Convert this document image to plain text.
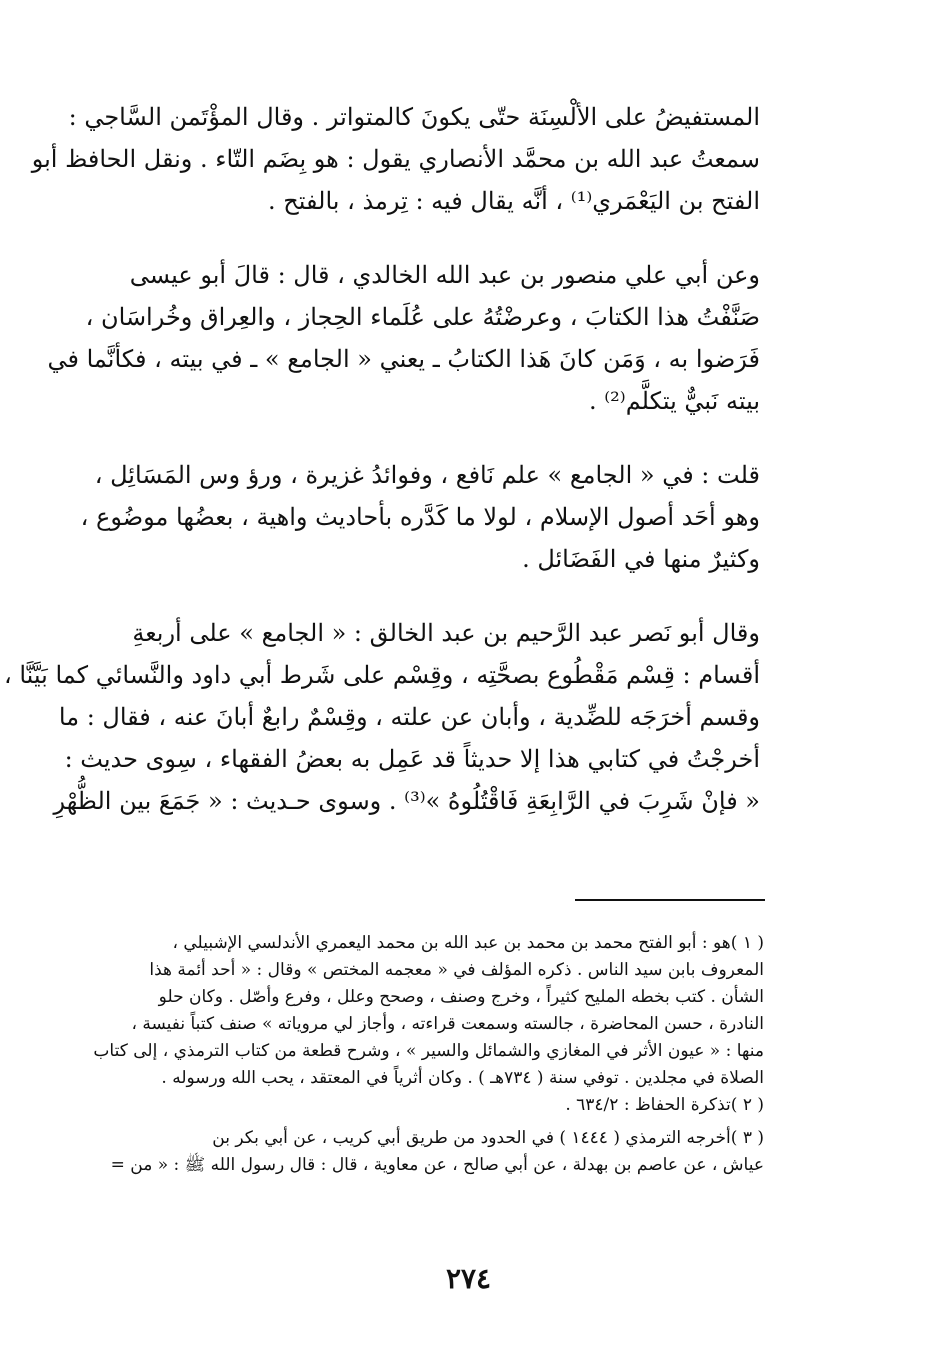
المستفيضُ على الألْسِنَة حتّى يكونَ كالمتواتر . وقال المؤْتَمن السَّاجي :
سمعتُ عبد الله بن محمَّد الأنصاري يقول : هو بِضَم التّاء . ونقل الحافظ أبو
الفتح بن اليَعْمَري⁽¹⁾ ، أنَّه يقال فيه : تِرمذ ، بالفتح .
وعن أبي علي منصور بن عبد الله الخالدي ، قال : قالَ أبو عيسى
صَنَّفْتُ هذا الكتابَ ، وعرضْتُهُ على عُلَماء الحِجاز ، والعِراق وخُراسَان ،
فَرَضوا به ، وَمَن كانَ هَذا الكتابُ ـ يعني « الجامع » ـ في بيته ، فكأنَّما في
بيته نَبيٌّ يتكلَّم⁽²⁾ .
قلت : في « الجامع » علم نَافع ، وفوائدُ غزيرة ، ورؤ وس المَسَائِل ،
وهو أحَد أصول الإسلام ، لولا ما كَدَّره بأحاديث واهية ، بعضُها موضُوع ،
وكثيرٌ منها في الفَضَائل .
وقال أبو نَصر عبد الرَّحيم بن عبد الخالق : « الجامع » على أربعةِ
أقسام : قِسْم مَقْطُوع بصحَّتِه ، وقِسْم على شَرط أبي داود والنَّسائي كما بَيَّنَّا ،
وقسم أخرَجَه للضِّدية ، وأبان عن علته ، وقِسْمٌ رابعٌ أبانَ عنه ، فقال : ما
أخرجْتُ في كتابي هذا إلا حديثاً قد عَمِل به بعضُ الفقهاء ، سِوى حديث :
« فإنْ شَرِبَ في الرَّابِعَةِ فَاقْتُلُوهُ »⁽³⁾ . وسوى حـديث : « جَمَعَ بين الظُّهْرِ
( ١ )هو : أبو الفتح محمد بن محمد بن عبد الله بن محمد اليعمري الأندلسي الإشبيلي ،
المعروف بابن سيد الناس . ذكره المؤلف في « معجمه المختص » وقال : « أحد أئمة هذا
الشأن . كتب بخطه المليح كثيراً ، وخرج وصنف ، وصحح وعلل ، وفرع وأصّل . وكان حلو
النادرة ، حسن المحاضرة ، جالسته وسمعت قراءته ، وأجاز لي مروياته » صنف كتباً نفيسة ،
منها : « عيون الأثر في المغازي والشمائل والسير » ، وشرح قطعة من كتاب الترمذي ، إلى كتاب
الصلاة في مجلدين . توفي سنة ( ٧٣٤هـ ) . وكان أثرياً في المعتقد ، يحب الله ورسوله .
( ٢ )تذكرة الحفاظ : ٦٣٤/٢ .
( ٣ )أخرجه الترمذي ( ١٤٤٤ ) في الحدود من طريق أبي كريب ، عن أبي بكر بن
عياش ، عن عاصم بن بهدلة ، عن أبي صالح ، عن معاوية ، قال : قال رسول الله ﷺ : « من =
٢٧٤
